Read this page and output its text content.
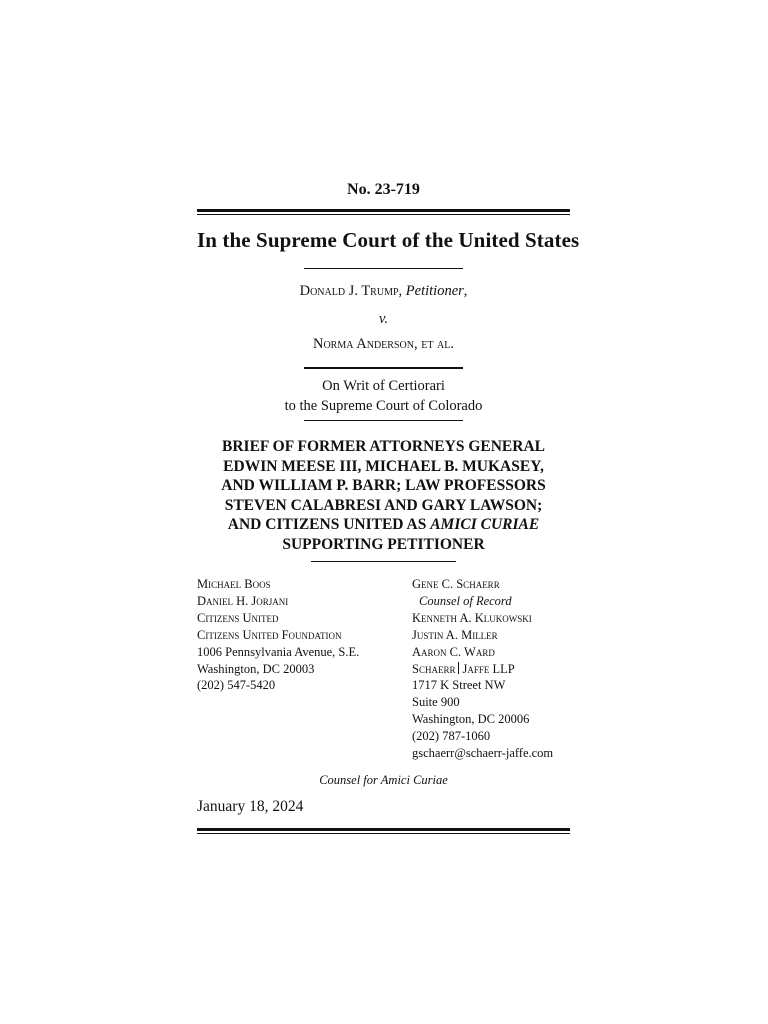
No. 23-719
In the Supreme Court of the United States
Donald J. Trump, Petitioner,
v.
Norma Anderson, et al.
On Writ of Certiorari
to the Supreme Court of Colorado
BRIEF OF FORMER ATTORNEYS GENERAL
EDWIN MEESE III, MICHAEL B. MUKASEY,
AND WILLIAM P. BARR; LAW PROFESSORS
STEVEN CALABRESI AND GARY LAWSON;
AND CITIZENS UNITED AS AMICI CURIAE
SUPPORTING PETITIONER
Michael Boos
Daniel H. Jorjani
Citizens United
Citizens United Foundation
1006 Pennsylvania Avenue, S.E.
Washington, DC 20003
(202) 547-5420
Gene C. Schaerr
Counsel of Record
Kenneth A. Klukowski
Justin A. Miller
Aaron C. Ward
Schaerr Jaffe LLP
1717 K Street NW
Suite 900
Washington, DC 20006
(202) 787-1060
gschaerr@schaerr-jaffe.com
Counsel for Amici Curiae
January 18, 2024
